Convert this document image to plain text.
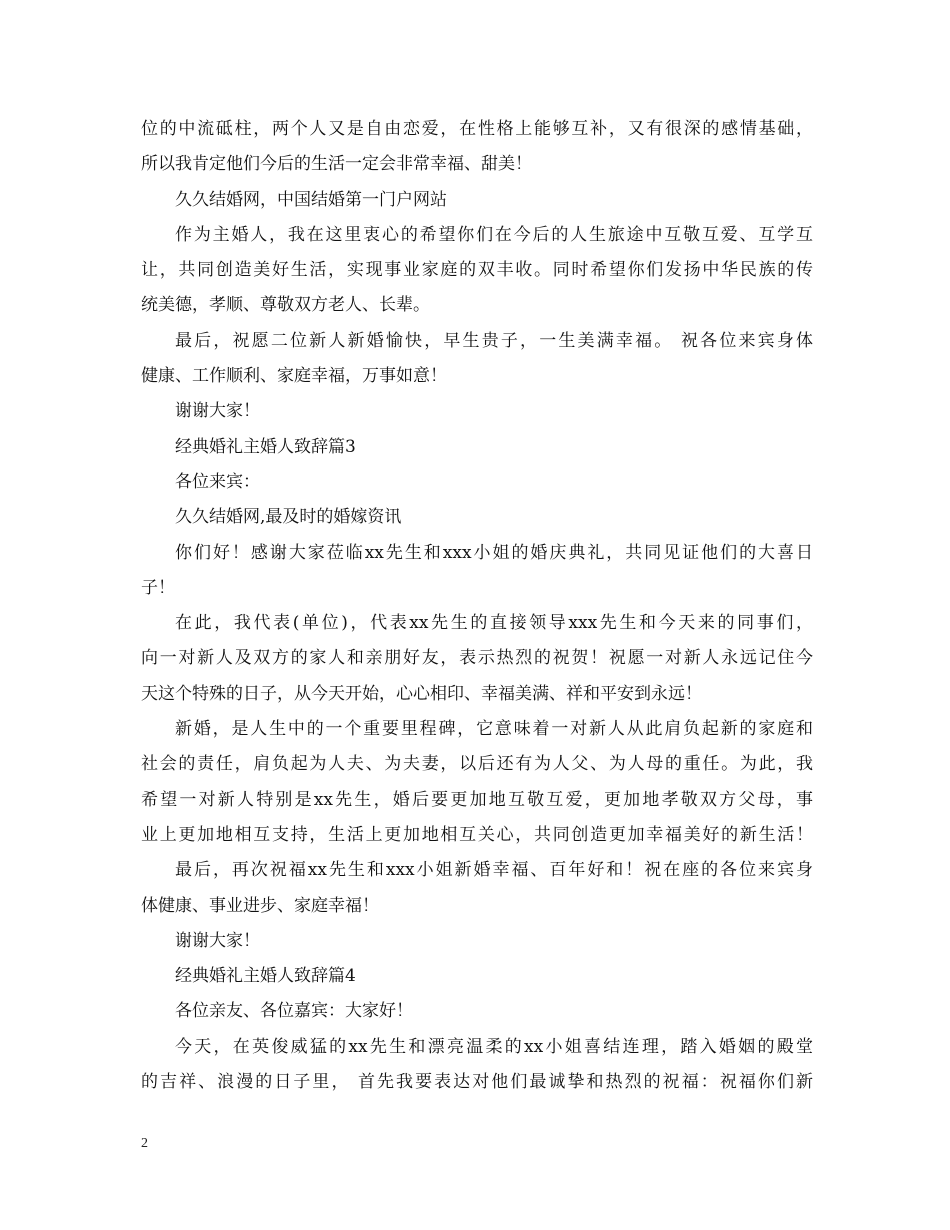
位的中流砥柱，两个人又是自由恋爱，在性格上能够互补，又有很深的感情基础，
所以我肯定他们今后的生活一定会非常幸福、甜美！
久久结婚网，中国结婚第一门户网站
作为主婚人，我在这里衷心的希望你们在今后的人生旅途中互敬互爱、互学互
让，共同创造美好生活，实现事业家庭的双丰收。同时希望你们发扬中华民族的传
统美德，孝顺、尊敬双方老人、长辈。
最后，祝愿二位新人新婚愉快，早生贵子，一生美满幸福。 祝各位来宾身体
健康、工作顺利、家庭幸福，万事如意！
谢谢大家！
经典婚礼主婚人致辞篇3
各位来宾：
久久结婚网,最及时的婚嫁资讯
你们好！感谢大家莅临xx先生和xxx小姐的婚庆典礼，共同见证他们的大喜日
子！
在此，我代表(单位)，代表xx先生的直接领导xxx先生和今天来的同事们，
向一对新人及双方的家人和亲朋好友，表示热烈的祝贺！祝愿一对新人永远记住今
天这个特殊的日子，从今天开始，心心相印、幸福美满、祥和平安到永远！
新婚，是人生中的一个重要里程碑，它意味着一对新人从此肩负起新的家庭和
社会的责任，肩负起为人夫、为夫妻，以后还有为人父、为人母的重任。为此，我
希望一对新人特别是xx先生，婚后要更加地互敬互爱，更加地孝敬双方父母，事
业上更加地相互支持，生活上更加地相互关心，共同创造更加幸福美好的新生活！
最后，再次祝福xx先生和xxx小姐新婚幸福、百年好和！祝在座的各位来宾身
体健康、事业进步、家庭幸福！
谢谢大家！
经典婚礼主婚人致辞篇4
各位亲友、各位嘉宾：大家好！
今天，在英俊威猛的xx先生和漂亮温柔的xx小姐喜结连理，踏入婚姻的殿堂
的吉祥、浪漫的日子里， 首先我要表达对他们最诚挚和热烈的祝福：祝福你们新
2
